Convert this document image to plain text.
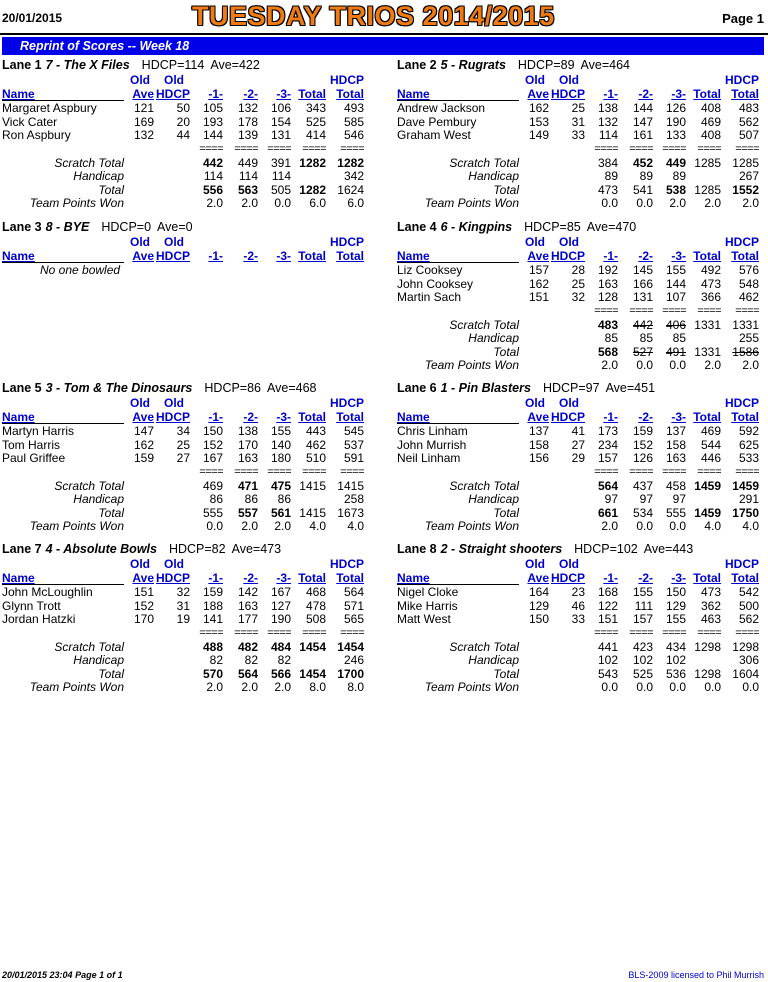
20/01/2015	TUESDAY TRIOS 2014/2015	Page 1
Reprint of Scores -- Week 18
Lane 1 7 - The X Files HDCP=114 Ave=422
Old Old	HDCP
Name	Ave HDCP -1- -2- -3- Total Total
Margaret Aspbury	121 50 105 132 106 343 493
Vick Cater	169 20 193 178 154 525 585
Ron Aspbury	132 44 144 139 131 414 546
==== ==== ==== ==== ====
Scratch Total	442 449 391 1282 1282
Handicap	114 114 114	342
Total	556 563 505 1282 1624
Team Points Won	2.0 2.0 0.0 6.0 6.0
Lane 2 5 - Rugrats HDCP=89 Ave=464
Old Old	HDCP
Name	Ave HDCP -1- -2- -3- Total Total
Andrew Jackson	162 25 138 144 126 408 483
Dave Pembury	153 31 132 147 190 469 562
Graham West	149 33 114 161 133 408 507
==== ==== ==== ==== ====
Scratch Total	384 452 449 1285 1285
Handicap	89 89 89	267
Total	473 541 538 1285 1552
Team Points Won	0.0 0.0 2.0 2.0 2.0
Lane 3 8 - BYE HDCP=0 Ave=0
Old Old	HDCP
Name	Ave HDCP -1- -2- -3- Total Total
No one bowled
Lane 4 6 - Kingpins HDCP=85 Ave=470
Old Old	HDCP
Name	Ave HDCP -1- -2- -3- Total Total
Liz Cooksey	157 28 192 145 155 492 576
John Cooksey	162 25 163 166 144 473 548
Martin Sach	151 32 128 131 107 366 462
==== ==== ==== ==== ====
Scratch Total	483 442 406 1331 1331
Handicap	85 85 85	255
Total	568 527 491 1331 1586
Team Points Won	2.0 0.0 0.0 2.0 2.0
Lane 5 3 - Tom & The Dinosaurs HDCP=86 Ave=468
Old Old	HDCP
Name	Ave HDCP -1- -2- -3- Total Total
Martyn Harris	147 34 150 138 155 443 545
Tom Harris	162 25 152 170 140 462 537
Paul Griffee	159 27 167 163 180 510 591
==== ==== ==== ==== ====
Scratch Total	469 471 475 1415 1415
Handicap	86 86 86	258
Total	555 557 561 1415 1673
Team Points Won	0.0 2.0 2.0 4.0 4.0
Lane 6 1 - Pin Blasters HDCP=97 Ave=451
Old Old	HDCP
Name	Ave HDCP -1- -2- -3- Total Total
Chris Linham	137 41 173 159 137 469 592
John Murrish	158 27 234 152 158 544 625
Neil Linham	156 29 157 126 163 446 533
==== ==== ==== ==== ====
Scratch Total	564 437 458 1459 1459
Handicap	97 97 97	291
Total	661 534 555 1459 1750
Team Points Won	2.0 0.0 0.0 4.0 4.0
Lane 7 4 - Absolute Bowls HDCP=82 Ave=473
Old Old	HDCP
Name	Ave HDCP -1- -2- -3- Total Total
John McLoughlin	151 32 159 142 167 468 564
Glynn Trott	152 31 188 163 127 478 571
Jordan Hatzki	170 19 141 177 190 508 565
==== ==== ==== ==== ====
Scratch Total	488 482 484 1454 1454
Handicap	82 82 82	246
Total	570 564 566 1454 1700
Team Points Won	2.0 2.0 2.0 8.0 8.0
Lane 8 2 - Straight shooters HDCP=102 Ave=443
Old Old	HDCP
Name	Ave HDCP -1- -2- -3- Total Total
Nigel Cloke	164 23 168 155 150 473 542
Mike Harris	129 46 122 111 129 362 500
Matt West	150 33 151 157 155 463 562
==== ==== ==== ==== ====
Scratch Total	441 423 434 1298 1298
Handicap	102 102 102	306
Total	543 525 536 1298 1604
Team Points Won	0.0 0.0 0.0 0.0 0.0
20/01/2015 23:04 Page 1 of 1	BLS-2009 licensed to Phil Murrish
